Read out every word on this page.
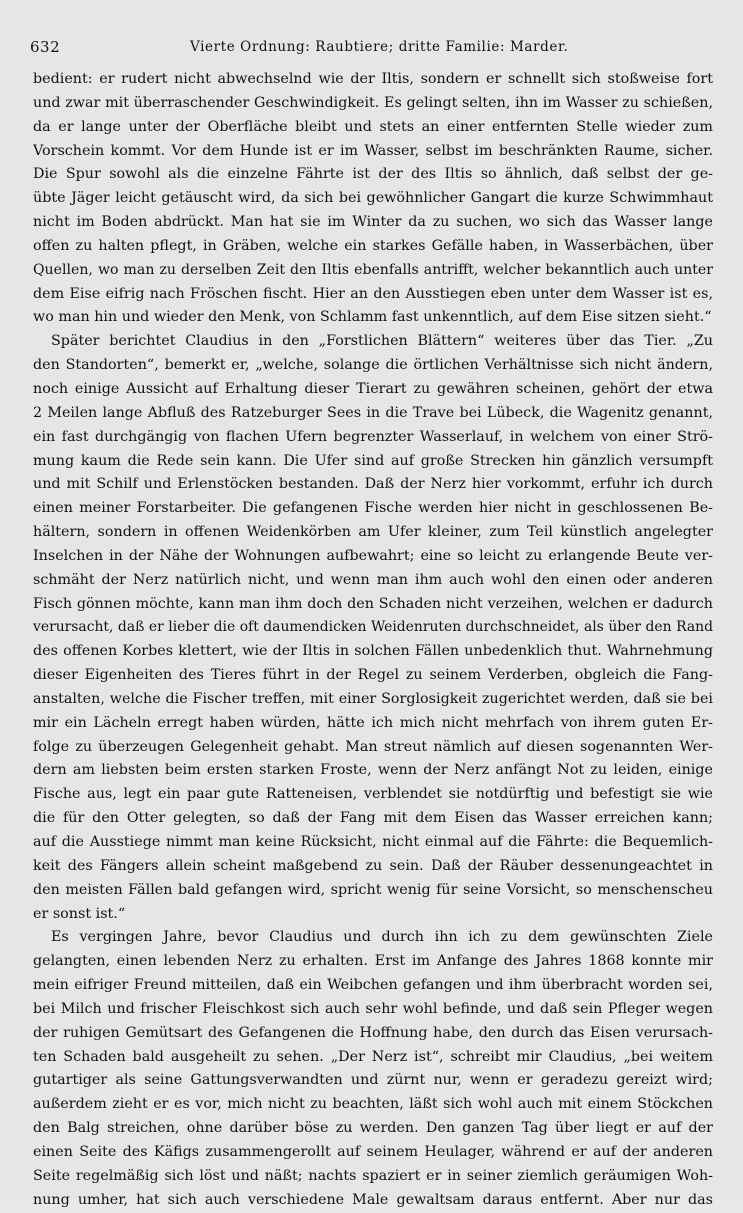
632	Vierte Ordnung: Raubtiere; dritte Familie: Marder.
bedient: er rudert nicht abwechselnd wie der Iltis, sondern er schnellt sich stoßweise fort
und zwar mit überraschender Geschwindigkeit. Es gelingt selten, ihn im Wasser zu schießen,
da er lange unter der Oberfläche bleibt und stets an einer entfernten Stelle wieder zum
Vorschein kommt. Vor dem Hunde ist er im Wasser, selbst im beschränkten Raume, sicher.
Die Spur sowohl als die einzelne Fährte ist der des Iltis so ähnlich, daß selbst der ge-
übte Jäger leicht getäuscht wird, da sich bei gewöhnlicher Gangart die kurze Schwimmhaut
nicht im Boden abdrückt. Man hat sie im Winter da zu suchen, wo sich das Wasser lange
offen zu halten pflegt, in Gräben, welche ein starkes Gefälle haben, in Wasserbächen, über
Quellen, wo man zu derselben Zeit den Iltis ebenfalls antrifft, welcher bekanntlich auch unter
dem Eise eifrig nach Fröschen fischt. Hier an den Ausstiegen eben unter dem Wasser ist es,
wo man hin und wieder den Menk, von Schlamm fast unkenntlich, auf dem Eise sitzen sieht.“
Später berichtet Claudius in den „Forstlichen Blättern“ weiteres über das Tier. „Zu
den Standorten“, bemerkt er, „welche, solange die örtlichen Verhältnisse sich nicht ändern,
noch einige Aussicht auf Erhaltung dieser Tierart zu gewähren scheinen, gehört der etwa
2 Meilen lange Abfluß des Ratzeburger Sees in die Trave bei Lübeck, die Wagenitz genannt,
ein fast durchgängig von flachen Ufern begrenzter Wasserlauf, in welchem von einer Strö-
mung kaum die Rede sein kann. Die Ufer sind auf große Strecken hin gänzlich versumpft
und mit Schilf und Erlenstöcken bestanden. Daß der Nerz hier vorkommt, erfuhr ich durch
einen meiner Forstarbeiter. Die gefangenen Fische werden hier nicht in geschlossenen Be-
hältern, sondern in offenen Weidenkörben am Ufer kleiner, zum Teil künstlich angelegter
Inselchen in der Nähe der Wohnungen aufbewahrt; eine so leicht zu erlangende Beute ver-
schmäht der Nerz natürlich nicht, und wenn man ihm auch wohl den einen oder anderen
Fisch gönnen möchte, kann man ihm doch den Schaden nicht verzeihen, welchen er dadurch
verursacht, daß er lieber die oft daumendicken Weidenruten durchschneidet, als über den Rand
des offenen Korbes klettert, wie der Iltis in solchen Fällen unbedenklich thut. Wahrnehmung
dieser Eigenheiten des Tieres führt in der Regel zu seinem Verderben, obgleich die Fang-
anstalten, welche die Fischer treffen, mit einer Sorglosigkeit zugerichtet werden, daß sie bei
mir ein Lächeln erregt haben würden, hätte ich mich nicht mehrfach von ihrem guten Er-
folge zu überzeugen Gelegenheit gehabt. Man streut nämlich auf diesen sogenannten Wer-
dern am liebsten beim ersten starken Froste, wenn der Nerz anfängt Not zu leiden, einige
Fische aus, legt ein paar gute Ratteneisen, verblendet sie notdürftig und befestigt sie wie
die für den Otter gelegten, so daß der Fang mit dem Eisen das Wasser erreichen kann;
auf die Ausstiege nimmt man keine Rücksicht, nicht einmal auf die Fährte: die Bequemlich-
keit des Fängers allein scheint maßgebend zu sein. Daß der Räuber dessenungeachtet in
den meisten Fällen bald gefangen wird, spricht wenig für seine Vorsicht, so menschenscheu
er sonst ist.“
Es vergingen Jahre, bevor Claudius und durch ihn ich zu dem gewünschten Ziele
gelangten, einen lebenden Nerz zu erhalten. Erst im Anfange des Jahres 1868 konnte mir
mein eifriger Freund mitteilen, daß ein Weibchen gefangen und ihm überbracht worden sei,
bei Milch und frischer Fleischkost sich auch sehr wohl befinde, und daß sein Pfleger wegen
der ruhigen Gemütsart des Gefangenen die Hoffnung habe, den durch das Eisen verursach-
ten Schaden bald ausgeheilt zu sehen. „Der Nerz ist“, schreibt mir Claudius, „bei weitem
gutartiger als seine Gattungsverwandten und zürnt nur, wenn er geradezu gereizt wird;
außerdem zieht er es vor, mich nicht zu beachten, läßt sich wohl auch mit einem Stöckchen
den Balg streichen, ohne darüber böse zu werden. Den ganzen Tag über liegt er auf der
einen Seite des Käfigs zusammengerollt auf seinem Heulager, während er auf der anderen
Seite regelmäßig sich löst und näßt; nachts spaziert er in seiner ziemlich geräumigen Woh-
nung umher, hat sich auch verschiedene Male gewaltsam daraus entfernt. Aber nur das
